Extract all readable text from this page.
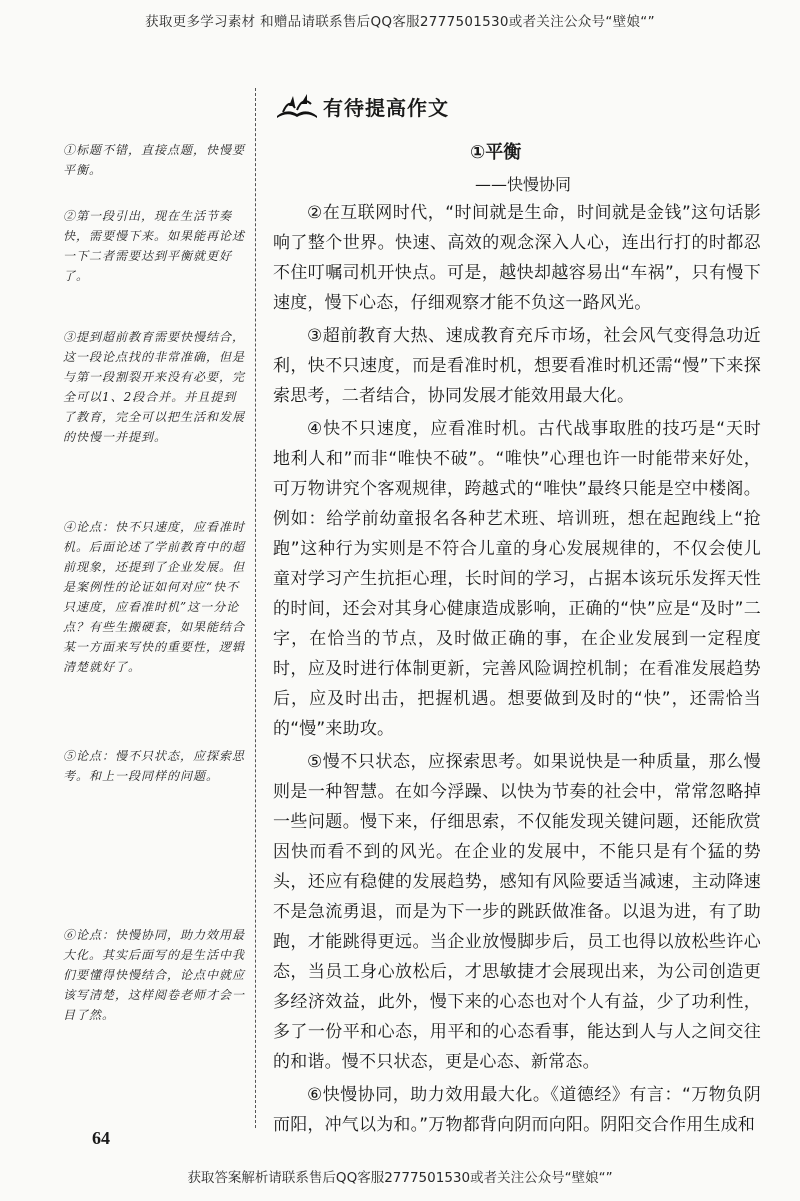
获取更多学习素材 和赠品请联系售后QQ客服2777501530或者关注公众号“壁娘“”
有待提高作文
①平衡
——快慢协同

②在互联网时代，“时间就是生命，时间就是金钱”这句话影响了整个世界。快速、高效的观念深入人心，连出行打的时都忍不住叮嘱司机开快点。可是，越快却越容易出“车祸”，只有慢下速度，慢下心态，仔细观察才能不负这一路风光。

③超前教育大热、速成教育充斥市场，社会风气变得急功近利，快不只速度，而是看准时机，想要看准时机还需“慢”下来探索思考，二者结合，协同发展才能效用最大化。

④快不只速度，应看准时机。古代战事取胜的技巧是“天时地利人和”而非“唯快不破”。“唯快”心理也许一时能带来好处，可万物讲究个客观规律，跨越式的“唯快”最终只能是空中楼阁。例如：给学前幼童报名各种艺术班、培训班，想在起跑线上“抢跑”这种行为实则是不符合儿童的身心发展规律的，不仅会使儿童对学习产生抗拒心理，长时间的学习，占据本该玩乐发挥天性的时间，还会对其身心健康造成影响，正确的“快”应是“及时”二字，在恰当的节点，及时做正确的事，在企业发展到一定程度时，应及时进行体制更新，完善风险调控机制；在看准发展趋势后，应及时出击，把握机遇。想要做到及时的“快”，还需恰当的“慢”来助攻。

⑤慢不只状态，应探索思考。如果说快是一种质量，那么慢则是一种智慧。在如今浮躁、以快为节奏的社会中，常常忽略掉一些问题。慢下来，仔细思索，不仅能发现关键问题，还能欣赏因快而看不到的风光。在企业的发展中，不能只是有个猛的势头，还应有稳健的发展趋势，感知有风险要适当减速，主动降速不是急流勇退，而是为下一步的跳跃做准备。以退为进，有了助跑，才能跳得更远。当企业放慢脚步后，员工也得以放松些许心态，当员工身心放松后，才思敏捷才会展现出来，为公司创造更多经济效益，此外，慢下来的心态也对个人有益，少了功利性，多了一份平和心态，用平和的心态看事，能达到人与人之间交往的和谐。慢不只状态，更是心态、新常态。

⑥快慢协同，助力效用最大化。《道德经》有言：“万物负阴而阳，冲气以为和。”万物都背向阴而向阳。阴阳交合作用生成和

①标题不错，直接点题，快慢要平衡。
②第一段引出，现在生活节奏快，需要慢下来。如果能再论述一下二者需要达到平衡就更好了。
③提到超前教育需要快慢结合，这一段论点找的非常准确，但是与第一段割裂开来没有必要，完全可以1、2段合并。并且提到了教育，完全可以把生活和发展的快慢一并提到。
④论点：快不只速度，应看准时机。后面论述了学前教育中的超前现象，还提到了企业发展。但是案例性的论证如何对应“快不只速度，应看准时机”这一分论点？有些生搬硬套，如果能结合某一方面来写快的重要性，逻辑清楚就好了。
⑤论点：慢不只状态，应探索思考。和上一段同样的问题。
⑥论点：快慢协同，助力效用最大化。其实后面写的是生活中我们要懂得快慢结合，论点中就应该写清楚，这样阅卷老师才会一目了然。
64
获取答案解析请联系售后QQ客服2777501530或者关注公众号“壁娘“”
